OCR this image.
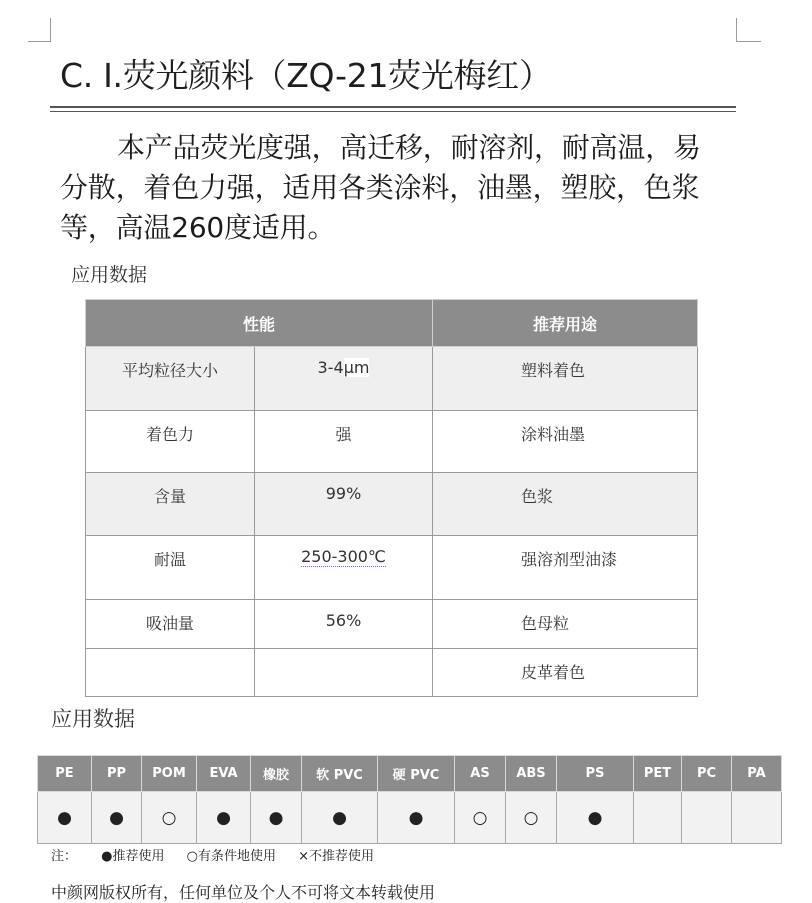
C. I.荧光颜料（ZQ-21荧光梅红）

本产品荧光度强，高迁移，耐溶剂，耐高温，易
分散，着色力强，适用各类涂料，油墨，塑胶，色浆
等，高温260度适用。

应用数据
性能		推荐用途
平均粒径大小	3-4μm	塑料着色
着色力	强	涂料油墨
含量	99%	色浆
耐温	250-300℃	强溶剂型油漆
吸油量	56%	色母粒
		皮革着色
应用数据
PE	PP	POM	EVA	橡胶	软 PVC	硬 PVC	AS	ABS	PS	PET	PC	PA
●	●	○	●	●	●	●	○	○	●			
注： ●推荐使用 ○有条件地使用 ×不推荐使用
中颜网版权所有，任何单位及个人不可将文本转载使用
